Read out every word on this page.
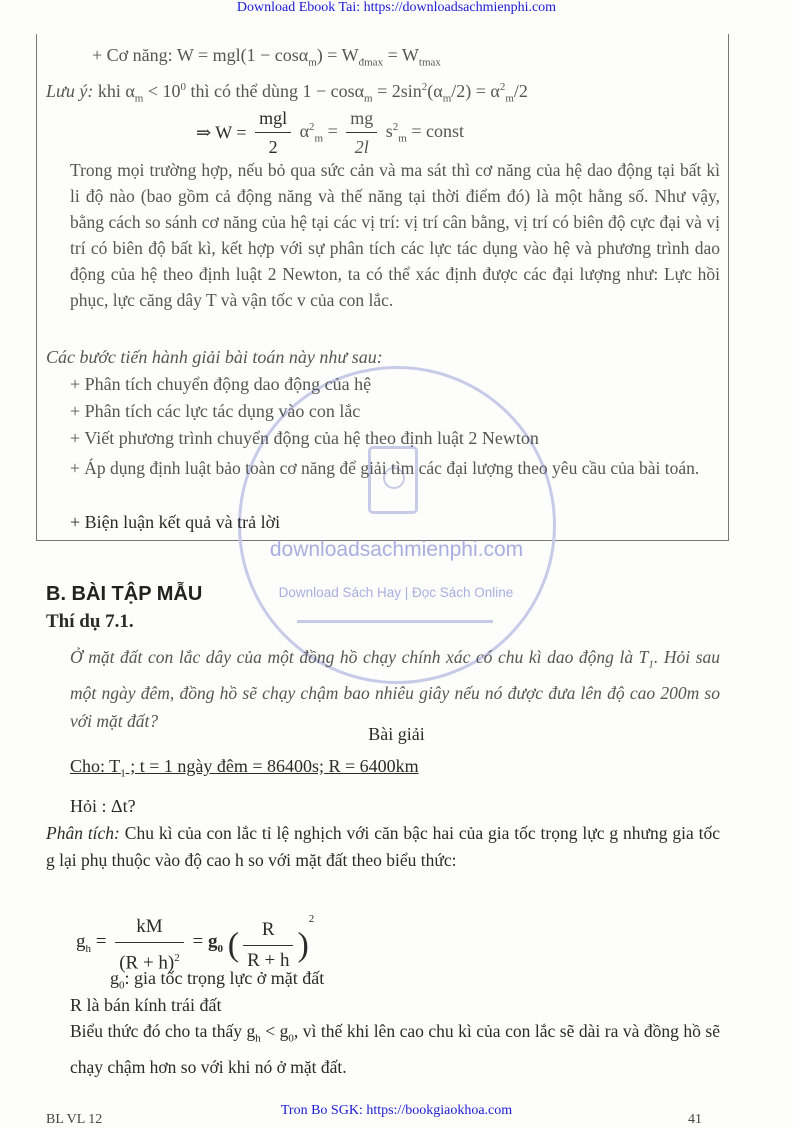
Download Ebook Tai: https://downloadsachmienphi.com
downloadsachmienphi.com
Download Sách Hay | Đọc Sách Online
+ Cơ năng: $W = mgl(1 - \cos\alpha_m) = W_{đmax} = W_{tmax}$
Lưu ý: khi $\alpha_m < 10^0$ thì có thể dùng $1 - \cos\alpha_m = 2\sin^2(\alpha_m/2) = \alpha^2_m/2$
⇒ $W = \frac{\text{mgl}}{2} \alpha^2_m = \frac{mg}{2l} s^2_m$ = const
Trong mọi trường hợp, nếu bỏ qua sức cản và ma sát thì cơ năng của hệ dao động tại bất kì li độ nào (bao gồm cả động năng và thế năng tại thời điểm đó) là một hằng số. Như vậy, bằng cách so sánh cơ năng của hệ tại các vị trí: vị trí cân bằng, vị trí có biên độ cực đại và vị trí có biên độ bất kì, kết hợp với sự phân tích các lực tác dụng vào hệ và phương trình dao động của hệ theo định luật 2 Newton, ta có thể xác định được các đại lượng như: Lực hồi phục, lực căng dây T và vận tốc v của con lắc.
Các bước tiến hành giải bài toán này như sau:
+ Phân tích chuyển động dao động của hệ
+ Phân tích các lực tác dụng vào con lắc
+ Viết phương trình chuyển động của hệ theo định luật 2 Newton
+ Áp dụng định luật bảo toàn cơ năng để giải tìm các đại lượng theo yêu cầu của bài toán.
+ Biện luận kết quả và trả lời
B. BÀI TẬP MẪU
Thí dụ 7.1.
Ở mặt đất con lắc dây của một đồng hồ chạy chính xác có chu kì dao động là $T_1$. Hỏi sau một ngày đêm, đồng hồ sẽ chạy chậm bao nhiêu giây nếu nó được đưa lên độ cao 200m so với mặt đất?
Bài giải
Cho: $T_1$ ; t = 1 ngày đêm = 86400s; R = 6400km
Hỏi : Δt?
Phân tích: Chu kì của con lắc tỉ lệ nghịch với căn bậc hai của gia tốc trọng lực g nhưng gia tốc g lại phụ thuộc vào độ cao h so với mặt đất theo biểu thức:
$g_h = \frac{kM}{(R + h)^2} = g_0$ ( $\frac{R}{R + h} )^2$
$g_0$: gia tốc trọng lực ở mặt đất
R là bán kính trái đất
Biểu thức đó cho ta thấy $g_h < g_0$, vì thế khi lên cao chu kì của con lắc sẽ dài ra và đồng hồ sẽ chạy chậm hơn so với khi nó ở mặt đất.
BL VL 12	41
Tron Bo SGK: https://bookgiaokhoa.com
